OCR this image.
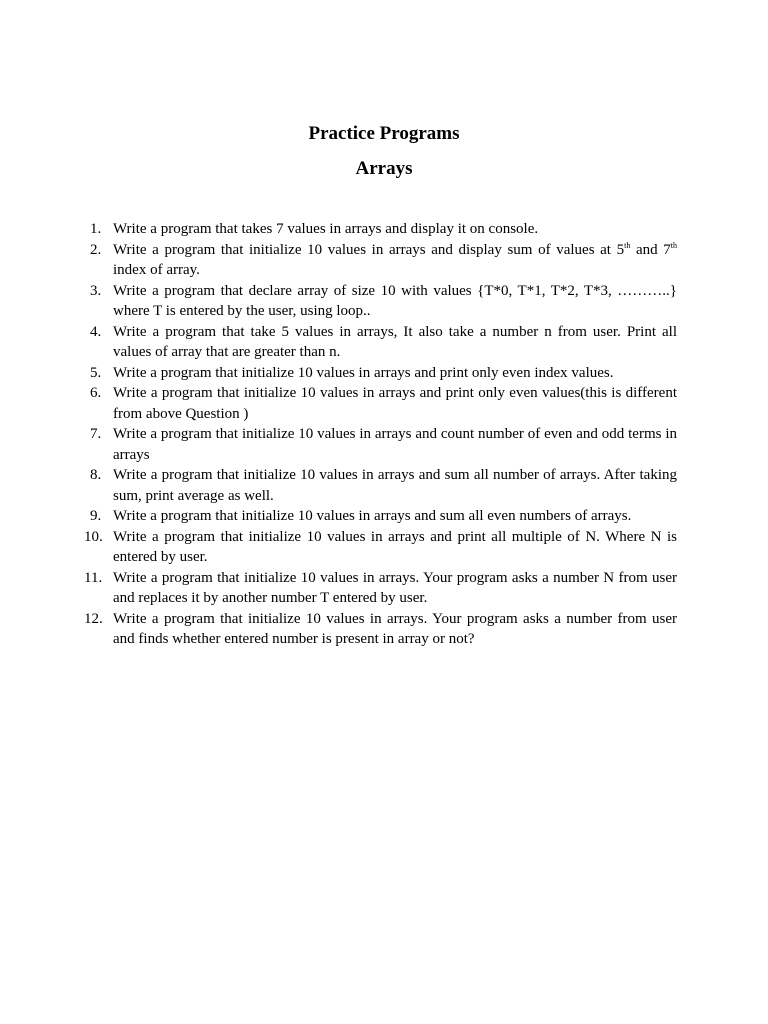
Practice Programs
Arrays
1. Write a program that takes 7 values in arrays and display it on console.
2. Write a program that initialize 10 values in arrays and display sum of values at 5th and 7th index of array.
3. Write a program that declare array of size 10 with values {T*0, T*1, T*2, T*3, ………..} where T is entered by the user, using loop..
4. Write a program that take 5 values in arrays, It also take a number n from user. Print all values of array that are greater than n.
5. Write a program that initialize 10 values in arrays and print only even index values.
6. Write a program that initialize 10 values in arrays and print only even values(this is different from above Question )
7. Write a program that initialize 10 values in arrays and count number of even and odd terms in arrays
8. Write a program that initialize 10 values in arrays and sum all number of arrays. After taking sum, print average as well.
9. Write a program that initialize 10 values in arrays and sum all even numbers of arrays.
10. Write a program that initialize 10 values in arrays and print all multiple of N. Where N is entered by user.
11. Write a program that initialize 10 values in arrays. Your program asks a number N from user and replaces it by another number T entered by user.
12. Write a program that initialize 10 values in arrays. Your program asks a number from user and finds whether entered number is present in array or not?
